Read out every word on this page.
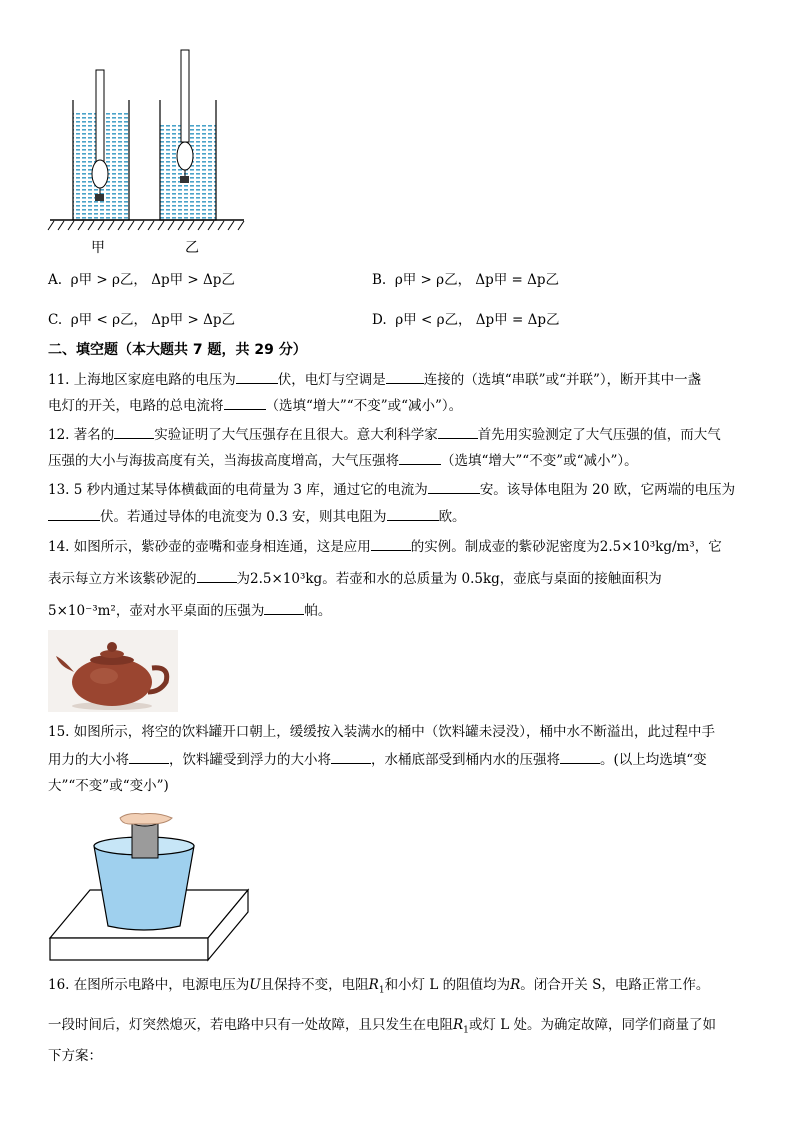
甲	乙
A. ρ甲 > ρ乙， Δp甲 > Δp乙	B. ρ甲 > ρ乙， Δp甲 = Δp乙
C. ρ甲 < ρ乙， Δp甲 > Δp乙	D. ρ甲 < ρ乙， Δp甲 = Δp乙
二、填空题（本大题共 7 题，共 29 分）
11. 上海地区家庭电路的电压为	伏，电灯与空调是	连接的（选填“串联”或“并联”），断开其中一盏
电灯的开关，电路的总电流将	（选填“增大”“不变”或“减小”）。
12. 著名的	实验证明了大气压强存在且很大。意大利科学家	首先用实验测定了大气压强的值，而大气
压强的大小与海拔高度有关，当海拔高度增高，大气压强将	（选填“增大”“不变”或“减小”）。
13. 5 秒内通过某导体横截面的电荷量为 3 库，通过它的电流为	安。该导体电阻为 20 欧，它两端的电压为
伏。若通过导体的电流变为 0.3 安，则其电阻为	欧。
14. 如图所示，紫砂壶的壶嘴和壶身相连通，这是应用	的实例。制成壶的紫砂泥密度为2.5×10³kg/m³，它
表示每立方米该紫砂泥的	为2.5×10³kg。若壶和水的总质量为 0.5kg，壶底与桌面的接触面积为
5×10⁻³m²，壶对水平桌面的压强为	帕。
15. 如图所示，将空的饮料罐开口朝上，缓缓按入装满水的桶中（饮料罐未浸没），桶中水不断溢出，此过程中手
用力的大小将	，饮料罐受到浮力的大小将	，水桶底部受到桶内水的压强将	。(以上均选填“变
大”“不变”或“变小”)
16. 在图所示电路中，电源电压为U且保持不变，电阻$R_1$和小灯 L 的阻值均为R。闭合开关 S，电路正常工作。
一段时间后，灯突然熄灭，若电路中只有一处故障，且只发生在电阻$R_1$或灯 L 处。为确定故障，同学们商量了如
下方案：
